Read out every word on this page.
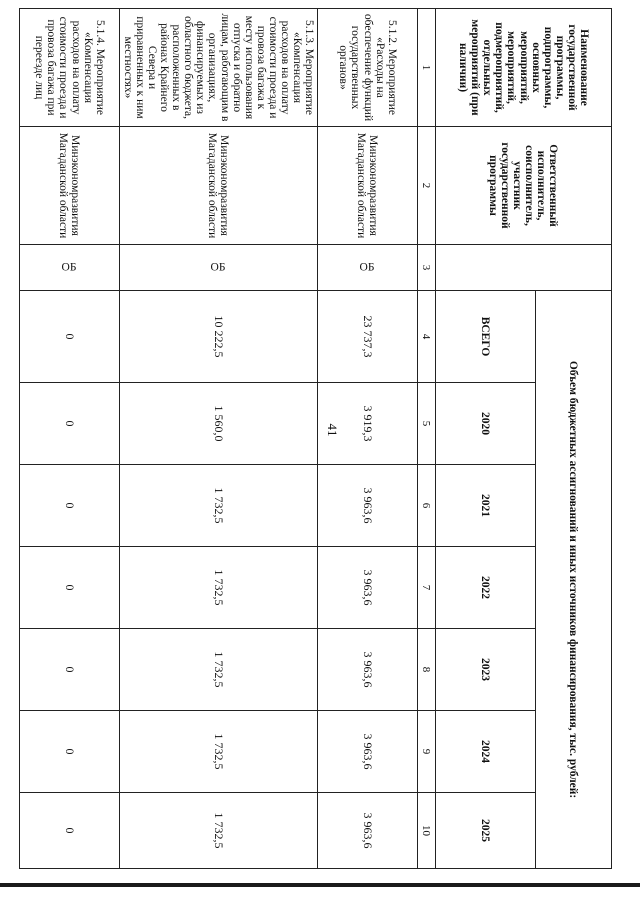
41
Наименование государственной программы, подпрограммы, основных мероприятий, мероприятий, подмероприятий, отдельных мероприятий (при наличии)	Ответственный исполнитель, соисполнитель, участник государственной программы		Объем бюджетных ассигнований и иных источников финансирования, тыс. рублей:						
			ВСЕГО	2020	2021	2022	2023	2024	2025
1	2	3	4	5	6	7	8	9	10
5.1.2. Мероприятие «Расходы на обеспечение функций государственных органов»	Минэкономразвития Магаданской области	ОБ	23 737,3	3 919,3	3 963,6	3 963,6	3 963,6	3 963,6	3 963,6
5.1.3. Мероприятие «Компенсация расходов на оплату стоимости проезда и провоза багажа к месту использования отпуска и обратно лицам, работающим в организациях, финансируемых из областного бюджета, расположенных в районах Крайнего Севера и приравненных к ним местностях»	Минэкономразвития Магаданской области	ОБ	10 222,5	1 560,0	1 732,5	1 732,5	1 732,5	1 732,5	1 732,5
5.1.4. Мероприятие «Компенсация расходов на оплату стоимости проезда и провоза багажа при переезде лиц	Минэкономразвития Магаданской области	ОБ	0	0	0	0	0	0	0
